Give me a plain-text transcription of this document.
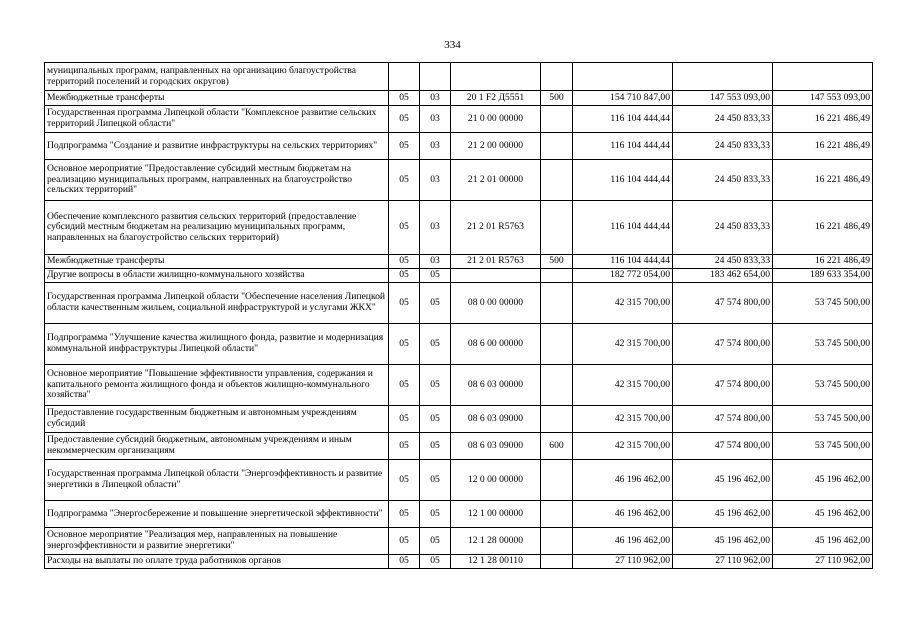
334
муниципальных программ, направленных на организацию благоустройства территорий поселений и городских округов)							
Межбюджетные трансферты	05	03	20 1 F2 Д5551	500	154 710 847,00	147 553 093,00	147 553 093,00
Государственная программа Липецкой области "Комплексное развитие сельских территорий Липецкой области"	05	03	21 0 00 00000		116 104 444,44	24 450 833,33	16 221 486,49
Подпрограмма "Создание и развитие инфраструктуры на сельских территориях"	05	03	21 2 00 00000		116 104 444,44	24 450 833,33	16 221 486,49
Основное мероприятие "Предоставление субсидий местным бюджетам на реализацию муниципальных программ, направленных на благоустройство сельских территорий"	05	03	21 2 01 00000		116 104 444,44	24 450 833,33	16 221 486,49
Обеспечение комплексного развития сельских территорий (предоставление субсидий местным бюджетам на реализацию муниципальных программ, направленных на благоустройство сельских территорий)	05	03	21 2 01 R5763		116 104 444,44	24 450 833,33	16 221 486,49
Межбюджетные трансферты	05	03	21 2 01 R5763	500	116 104 444,44	24 450 833,33	16 221 486,49
Другие вопросы в области жилищно-коммунального хозяйства	05	05			182 772 054,00	183 462 654,00	189 633 354,00
Государственная программа Липецкой области "Обеспечение населения Липецкой области качественным жильем, социальной инфраструктурой и услугами ЖКХ"	05	05	08 0 00 00000		42 315 700,00	47 574 800,00	53 745 500,00
Подпрограмма "Улучшение качества жилищного фонда, развитие и модернизация коммунальной инфраструктуры Липецкой области"	05	05	08 6 00 00000		42 315 700,00	47 574 800,00	53 745 500,00
Основное мероприятие "Повышение эффективности управления, содержания и капитального ремонта жилищного фонда и объектов жилищно-коммунального хозяйства"	05	05	08 6 03 00000		42 315 700,00	47 574 800,00	53 745 500,00
Предоставление государственным бюджетным и автономным учреждениям субсидий	05	05	08 6 03 09000		42 315 700,00	47 574 800,00	53 745 500,00
Предоставление субсидий бюджетным, автономным учреждениям и иным некоммерческим организациям	05	05	08 6 03 09000	600	42 315 700,00	47 574 800,00	53 745 500,00
Государственная программа Липецкой области "Энергоэффективность и развитие энергетики в Липецкой области"	05	05	12 0 00 00000		46 196 462,00	45 196 462,00	45 196 462,00
Подпрограмма "Энергосбережение и повышение энергетической эффективности"	05	05	12 1 00 00000		46 196 462,00	45 196 462,00	45 196 462,00
Основное мероприятие "Реализация мер, направленных на повышение энергоэффективности и развитие энергетики"	05	05	12 1 28 00000		46 196 462,00	45 196 462,00	45 196 462,00
Расходы на выплаты по оплате труда работников органов	05	05	12 1 28 00110		27 110 962,00	27 110 962,00	27 110 962,00
